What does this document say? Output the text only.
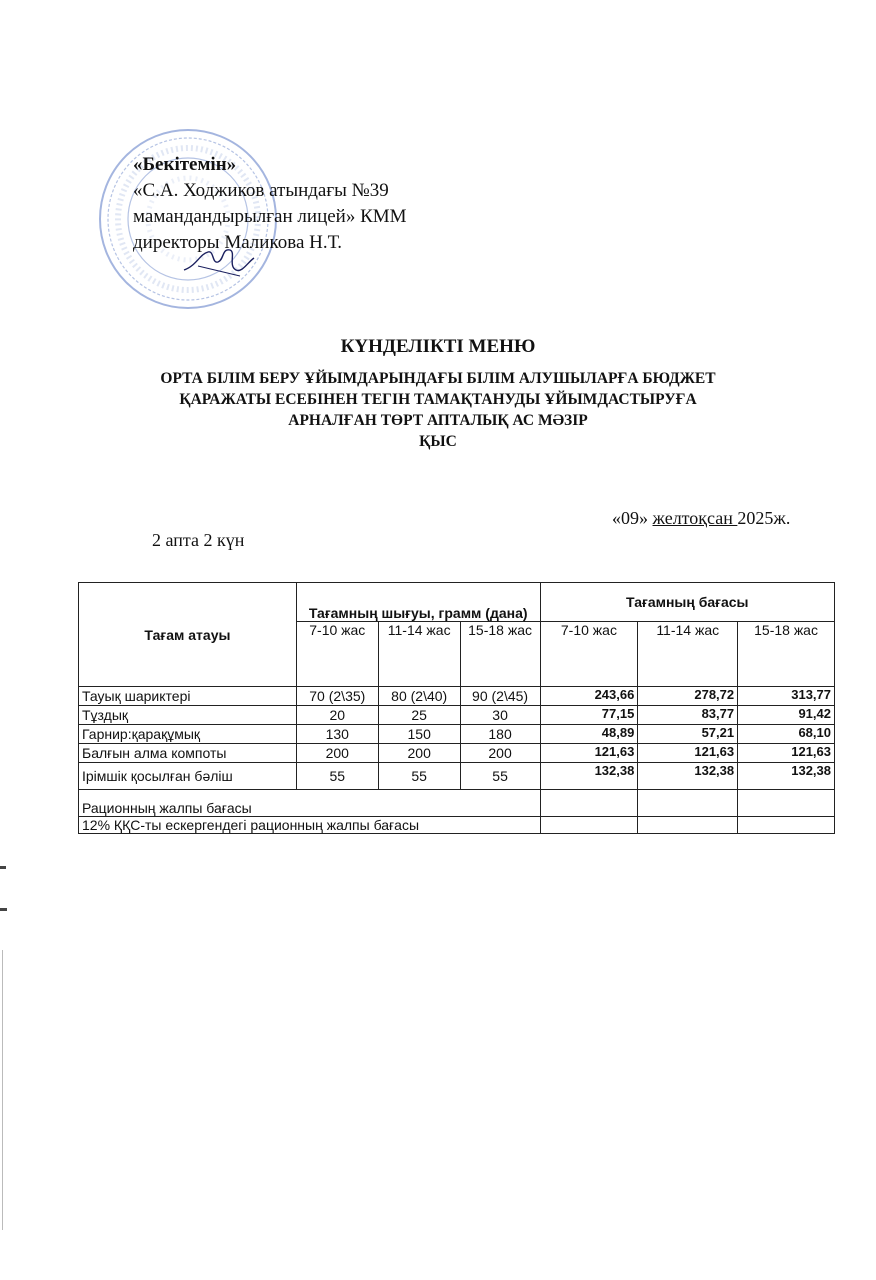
«Бекітемін»
«С.А. Ходжиков атындағы №39
мамандандырылған лицей» КММ
директоры Маликова Н.Т.
КҮНДЕЛІКТІ МЕНЮ
ОРТА БІЛІМ БЕРУ ҰЙЫМДАРЫНДАҒЫ БІЛІМ АЛУШЫЛАРҒА БЮДЖЕТ
ҚАРАЖАТЫ ЕСЕБІНЕН ТЕГІН ТАМАҚТАНУДЫ ҰЙЫМДАСТЫРУҒА
АРНАЛҒАН ТӨРТ АПТАЛЫҚ АС МӘЗІР
ҚЫС
2 апта 2 күн
«09» желтоқсан 2025ж.
Тағам атауы	Тағамның шығуы, грамм (дана)			Тағамның бағасы		
	7-10 жас	11-14 жас	15-18 жас	7-10 жас	11-14 жас	15-18 жас
Тауық шариктері	70 (2\35)	80 (2\40)	90 (2\45)	243,66	278,72	313,77
Тұздық	20	25	30	77,15	83,77	91,42
Гарнир:қарақұмық	130	150	180	48,89	57,21	68,10
Балғын алма компоты	200	200	200	121,63	121,63	121,63
Ірімшік қосылған бәліш	55	55	55	132,38	132,38	132,38
Рационның жалпы бағасы						
12% ҚҚС-ты ескергендегі рационның жалпы бағасы						
